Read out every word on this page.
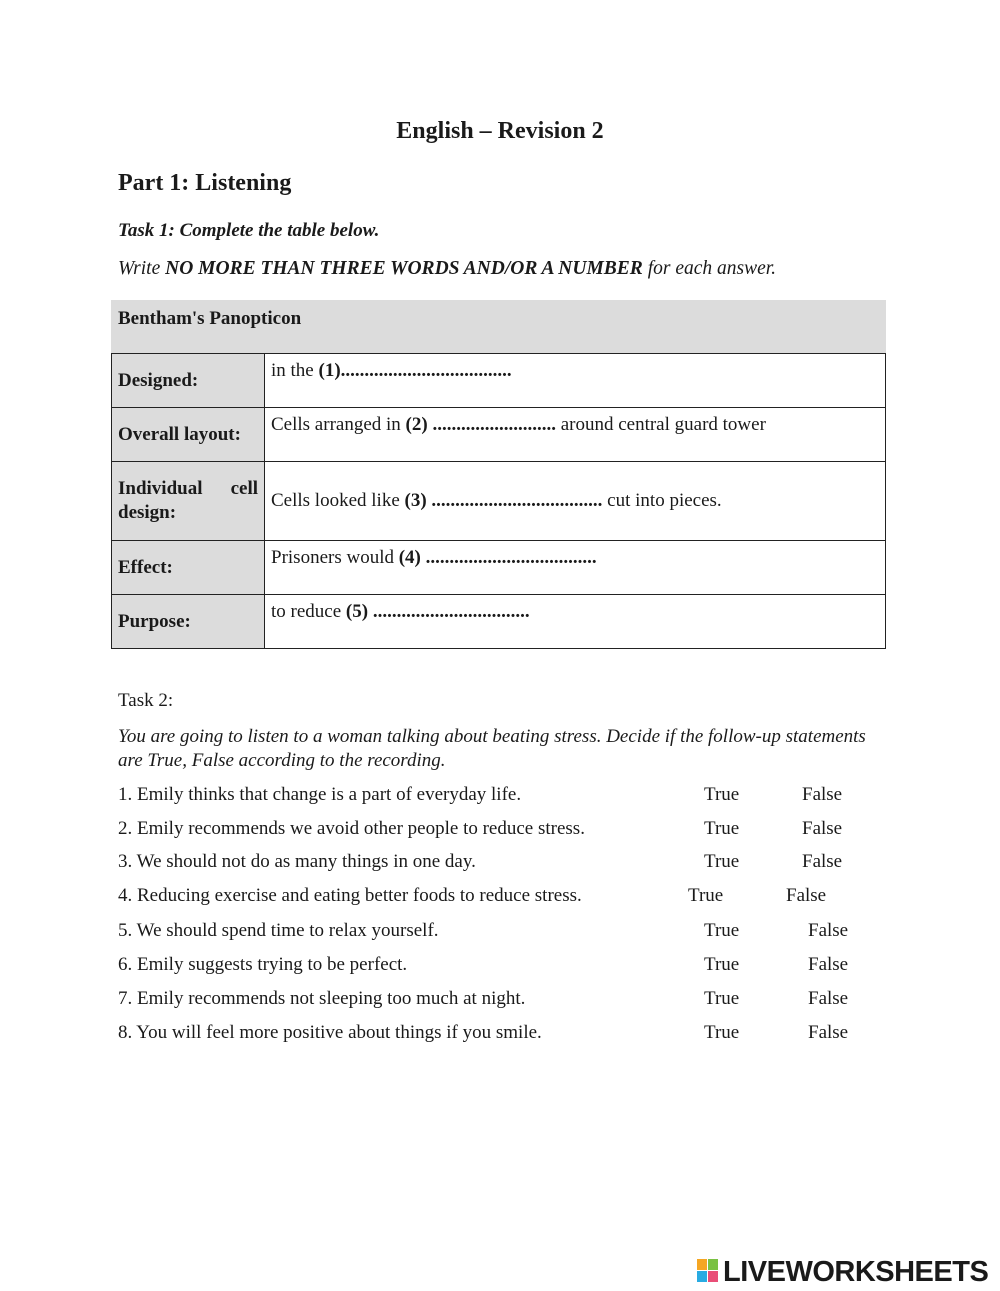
English – Revision 2
Part 1: Listening
Task 1: Complete the table below.
Write NO MORE THAN THREE WORDS AND/OR A NUMBER for each answer.
Bentham's Panopticon
Designed:	in the (1)....................................
Overall layout:	Cells arranged in (2) .......................... around central guard tower
Individual cell design:	Cells looked like (3) .................................... cut into pieces.
Effect:	Prisoners would (4) ....................................
Purpose:	to reduce (5) .................................
Task 2:
You are going to listen to a woman talking about beating stress. Decide if the follow-up statements are True, False according to the recording.
1. Emily thinks that change is a part of everyday life.	True	False
2. Emily recommends we avoid other people to reduce stress.	True	False
3. We should not do as many things in one day.	True	False
4. Reducing exercise and eating better foods to reduce stress.	True	False
5. We should spend time to relax yourself.	True	False
6. Emily suggests trying to be perfect.	True	False
7. Emily recommends not sleeping too much at night.	True	False
8. You will feel more positive about things if you smile.	True	False
LIVEWORKSHEETS
